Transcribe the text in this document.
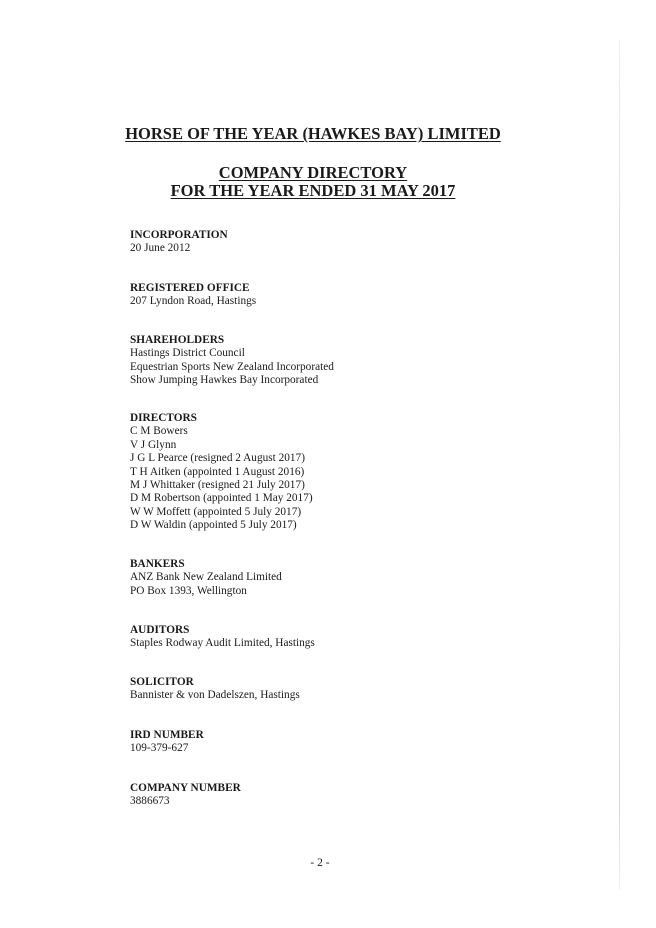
HORSE OF THE YEAR (HAWKES BAY) LIMITED
COMPANY DIRECTORY
FOR THE YEAR ENDED 31 MAY 2017
INCORPORATION
20 June 2012
REGISTERED OFFICE
207 Lyndon Road, Hastings
SHAREHOLDERS
Hastings District Council
Equestrian Sports New Zealand Incorporated
Show Jumping Hawkes Bay Incorporated
DIRECTORS
C M Bowers
V J Glynn
J G L Pearce (resigned 2 August 2017)
T H Aitken (appointed 1 August 2016)
M J Whittaker (resigned 21 July 2017)
D M Robertson (appointed 1 May 2017)
W W Moffett (appointed 5 July 2017)
D W Waldin (appointed 5 July 2017)
BANKERS
ANZ Bank New Zealand Limited
PO Box 1393, Wellington
AUDITORS
Staples Rodway Audit Limited, Hastings
SOLICITOR
Bannister & von Dadelszen, Hastings
IRD NUMBER
109-379-627
COMPANY NUMBER
3886673
- 2 -
